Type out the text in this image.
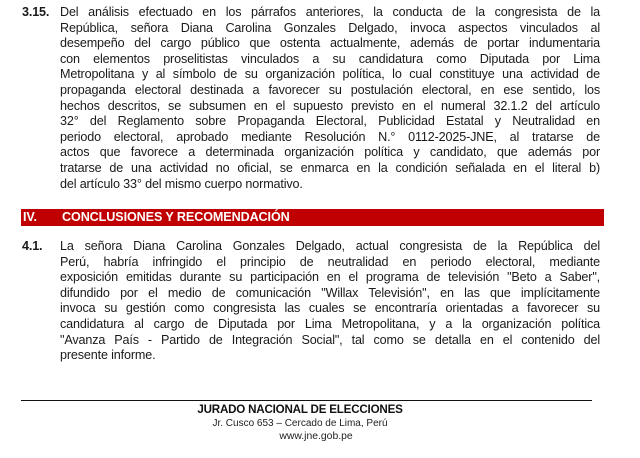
3.15. Del análisis efectuado en los párrafos anteriores, la conducta de la congresista de la
República, señora Diana Carolina Gonzales Delgado, invoca aspectos vinculados al
desempeño del cargo público que ostenta actualmente, además de portar indumentaria
con elementos proselitistas vinculados a su candidatura como Diputada por Lima
Metropolitana y al símbolo de su organización política, lo cual constituye una actividad de
propaganda electoral destinada a favorecer su postulación electoral, en ese sentido, los
hechos descritos, se subsumen en el supuesto previsto en el numeral 32.1.2 del artículo
32° del Reglamento sobre Propaganda Electoral, Publicidad Estatal y Neutralidad en
periodo electoral, aprobado mediante Resolución N.° 0112-2025-JNE, al tratarse de
actos que favorece a determinada organización política y candidato, que además por
tratarse de una actividad no oficial, se enmarca en la condición señalada en el literal b)
del artículo 33° del mismo cuerpo normativo.
IV.	CONCLUSIONES Y RECOMENDACIÓN
4.1.	La señora Diana Carolina Gonzales Delgado, actual congresista de la República del
Perú, habría infringido el principio de neutralidad en periodo electoral, mediante
exposición emitidas durante su participación en el programa de televisión "Beto a Saber",
difundido por el medio de comunicación "Willax Televisión", en las que implícitamente
invoca su gestión como congresista las cuales se encontraría orientadas a favorecer su
candidatura al cargo de Diputada por Lima Metropolitana, y a la organización política
"Avanza País - Partido de Integración Social", tal como se detalla en el contenido del
presente informe.
JURADO NACIONAL DE ELECCIONES
Jr. Cusco 653 – Cercado de Lima, Perú
www.jne.gob.pe
